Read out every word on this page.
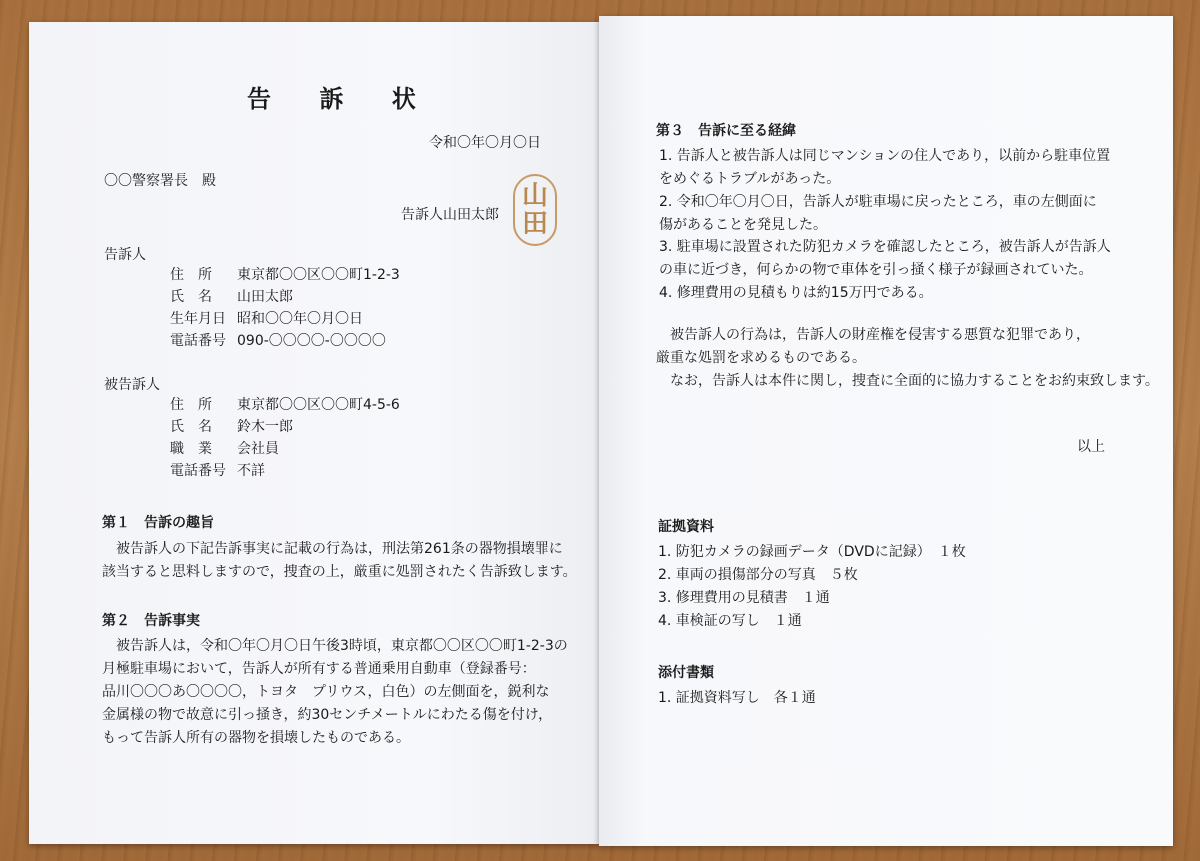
告 訴 状
令和〇年〇月〇日
〇〇警察署長　殿
告訴人山田太郎
山
田
告訴人
住　所 東京都〇〇区〇〇町1-2-3
氏　名 山田太郎
生年月日 昭和〇〇年〇月〇日
電話番号 090-〇〇〇〇-〇〇〇〇
被告訴人
住　所 東京都〇〇区〇〇町4-5-6
氏　名 鈴木一郎
職　業 会社員
電話番号 不詳
第１　告訴の趣旨
　被告訴人の下記告訴事実に記載の行為は，刑法第261条の器物損壊罪に
該当すると思料しますので，捜査の上，厳重に処罰されたく告訴致します。
第２　告訴事実
　被告訴人は，令和〇年〇月〇日午後3時頃，東京都〇〇区〇〇町1-2-3の
月極駐車場において，告訴人が所有する普通乗用自動車（登録番号：
品川〇〇〇あ〇〇〇〇，トヨタ　プリウス，白色）の左側面を，鋭利な
金属様の物で故意に引っ掻き，約30センチメートルにわたる傷を付け，
もって告訴人所有の器物を損壊したものである。
第３　告訴に至る経緯
1. 告訴人と被告訴人は同じマンションの住人であり，以前から駐車位置
をめぐるトラブルがあった。
2. 令和〇年〇月〇日，告訴人が駐車場に戻ったところ，車の左側面に
傷があることを発見した。
3. 駐車場に設置された防犯カメラを確認したところ，被告訴人が告訴人
の車に近づき，何らかの物で車体を引っ掻く様子が録画されていた。
4. 修理費用の見積もりは約15万円である。
　被告訴人の行為は，告訴人の財産権を侵害する悪質な犯罪であり，
厳重な処罰を求めるものである。
　なお，告訴人は本件に関し，捜査に全面的に協力することをお約束致します。
以上
証拠資料
1. 防犯カメラの録画データ（DVDに記録）　１枚
2. 車両の損傷部分の写真　５枚
3. 修理費用の見積書　１通
4. 車検証の写し　１通
添付書類
1. 証拠資料写し　各１通
